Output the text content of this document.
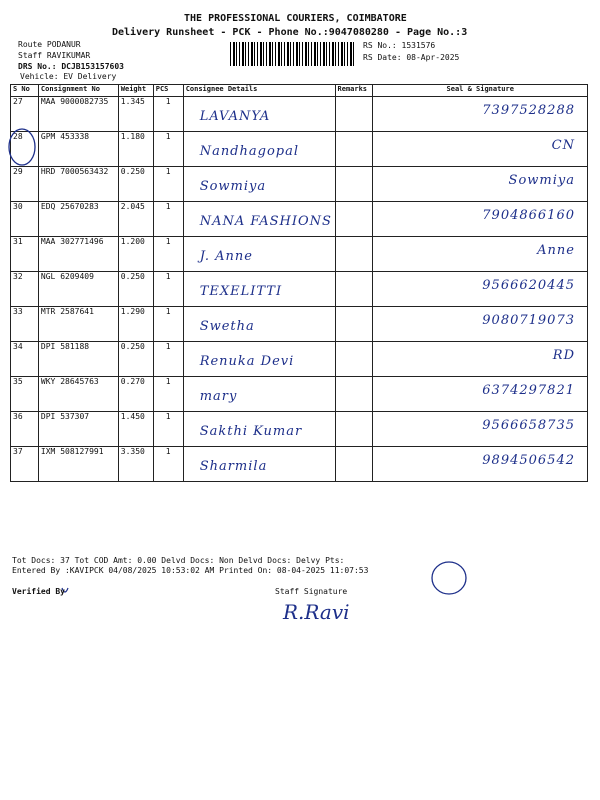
THE PROFESSIONAL COURIERS, COIMBATORE
Delivery Runsheet - PCK - Phone No.:9047080280 - Page No.:3
Route PODANUR
Staff RAVIKUMAR
DRS No.: DCJB153157603
Vehicle: EV Delivery
RS No.: 1531576
RS Date: 08-Apr-2025
S No	Consignment No	Weight	PCS	Consignee Details	Remarks	Seal & Signature
27	MAA 9000082735	1.345	1	LAVANYA		7397528288

28	GPM 453338	1.180	1	Nandhagopal		CN

29	HRD 7000563432	0.250	1	Sowmiya		Sowmiya

30	EDQ 25670283	2.045	1	NANA FASHIONS		7904866160

31	MAA 302771496	1.200	1	J. Anne		Anne

32	NGL 6209409	0.250	1	TEXELITTI		9566620445

33	MTR 2587641	1.290	1	Swetha		9080719073

34	DPI 581188	0.250	1	Renuka Devi		RD

35	WKY 28645763	0.270	1	mary		6374297821

36	DPI 537307	1.450	1	Sakthi Kumar		9566658735

37	IXM 508127991	3.350	1	Sharmila		9894506542
Tot Docs: 37 Tot COD Amt: 0.00 Delvd Docs: Non Delvd Docs: Delvy Pts:
Entered By :KAVIPCK 04/08/2025 10:53:02 AM Printed On: 08-04-2025 11:07:53
Verified By	Staff Signature
R.Ravi
